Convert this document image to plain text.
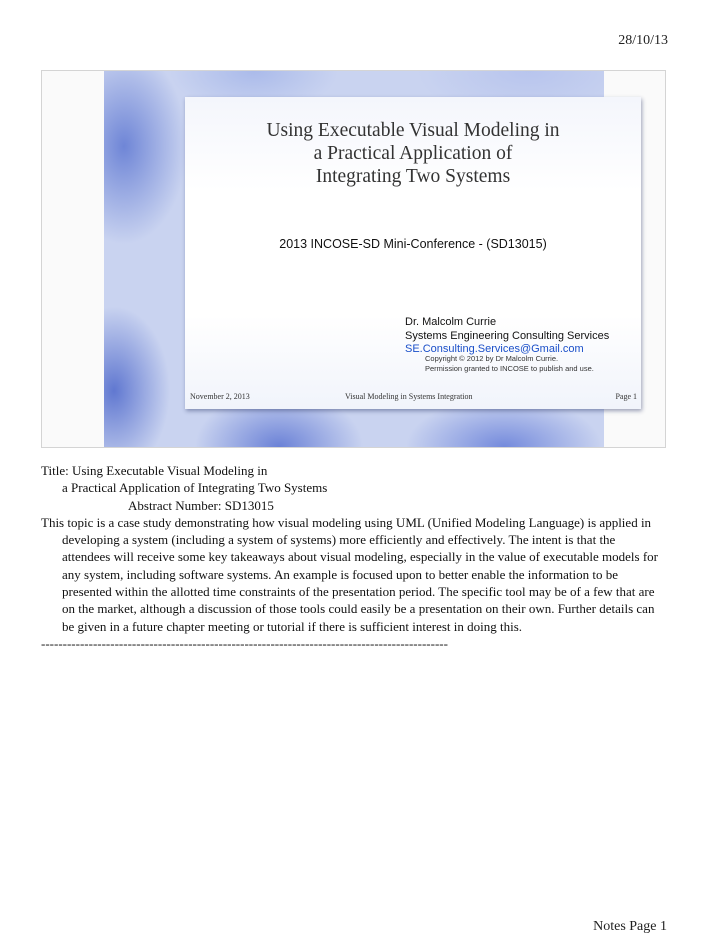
28/10/13
Using Executable Visual Modeling in
a Practical Application of
Integrating Two Systems
2013 INCOSE-SD Mini-Conference - (SD13015)
Dr. Malcolm Currie
Systems Engineering Consulting Services
SE.Consulting.Services@Gmail.com
Copyright © 2012 by Dr Malcolm Currie.
Permission granted to INCOSE to publish and use.
November 2, 2013	Visual Modeling in Systems Integration	Page 1
Title: Using Executable Visual Modeling in
a Practical Application of Integrating Two Systems
Abstract Number: SD13015
This topic is a case study demonstrating how visual modeling using UML (Unified Modeling Language) is applied in developing a system (including a system of systems) more efficiently and effectively. The intent is that the attendees will receive some key takeaways about visual modeling, especially in the value of executable models for any system, including software systems. An example is focused upon to better enable the information to be presented within the allotted time constraints of the presentation period. The specific tool may be of a few that are on the market, although a discussion of those tools could easily be a presentation on their own. Further details can be given in a future chapter meeting or tutorial if there is sufficient interest in doing this.
----------------------------------------------------------------------------------------------
Notes Page 1
